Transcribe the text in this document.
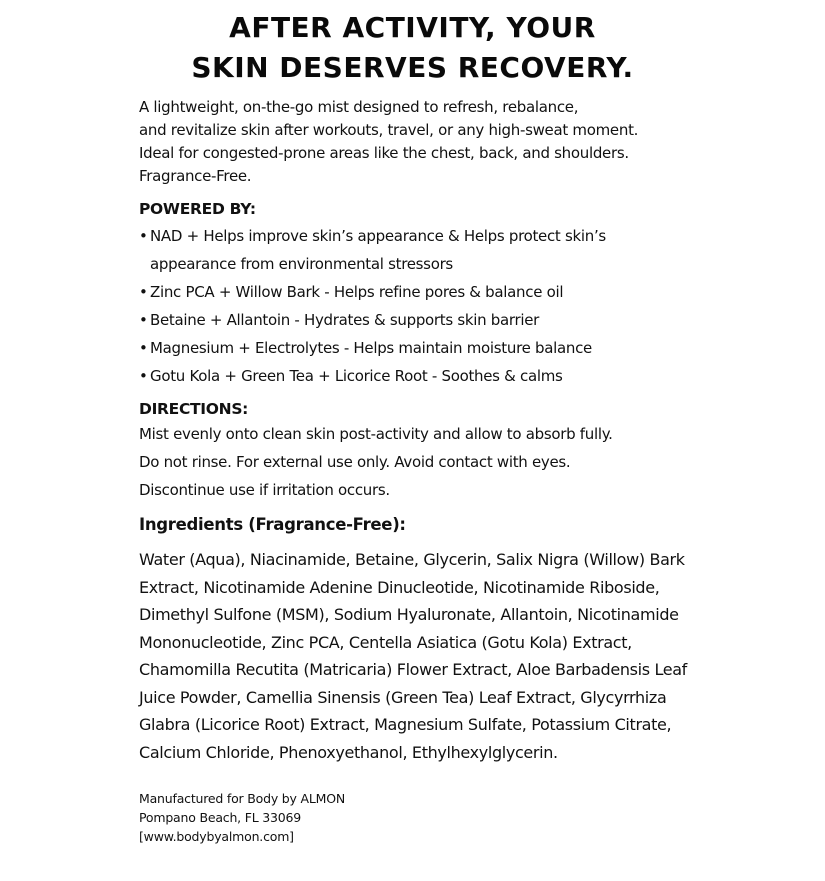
AFTER ACTIVITY, YOUR
SKIN DESERVES RECOVERY.

A lightweight, on-the-go mist designed to refresh, rebalance,

and revitalize skin after workouts, travel, or any high-sweat moment.

Ideal for congested-prone areas like the chest, back, and shoulders.

Fragrance-Free.

POWERED BY:
• NAD + Helps improve skin’s appearance & Helps protect skin’s
appearance from environmental stressors
• Zinc PCA + Willow Bark - Helps refine pores & balance oil
• Betaine + Allantoin - Hydrates & supports skin barrier
• Magnesium + Electrolytes - Helps maintain moisture balance
• Gotu Kola + Green Tea + Licorice Root - Soothes & calms
DIRECTIONS:

Mist evenly onto clean skin post-activity and allow to absorb fully.

Do not rinse. For external use only. Avoid contact with eyes.

Discontinue use if irritation occurs.

Ingredients (Fragrance-Free):

Water (Aqua), Niacinamide, Betaine, Glycerin, Salix Nigra (Willow) Bark

Extract, Nicotinamide Adenine Dinucleotide, Nicotinamide Riboside,

Dimethyl Sulfone (MSM), Sodium Hyaluronate, Allantoin, Nicotinamide

Mononucleotide, Zinc PCA, Centella Asiatica (Gotu Kola) Extract,

Chamomilla Recutita (Matricaria) Flower Extract, Aloe Barbadensis Leaf

Juice Powder, Camellia Sinensis (Green Tea) Leaf Extract, Glycyrrhiza

Glabra (Licorice Root) Extract, Magnesium Sulfate, Potassium Citrate,

Calcium Chloride, Phenoxyethanol, Ethylhexylglycerin.

Manufactured for Body by ALMON

Pompano Beach, FL 33069

[www.bodybyalmon.com]
